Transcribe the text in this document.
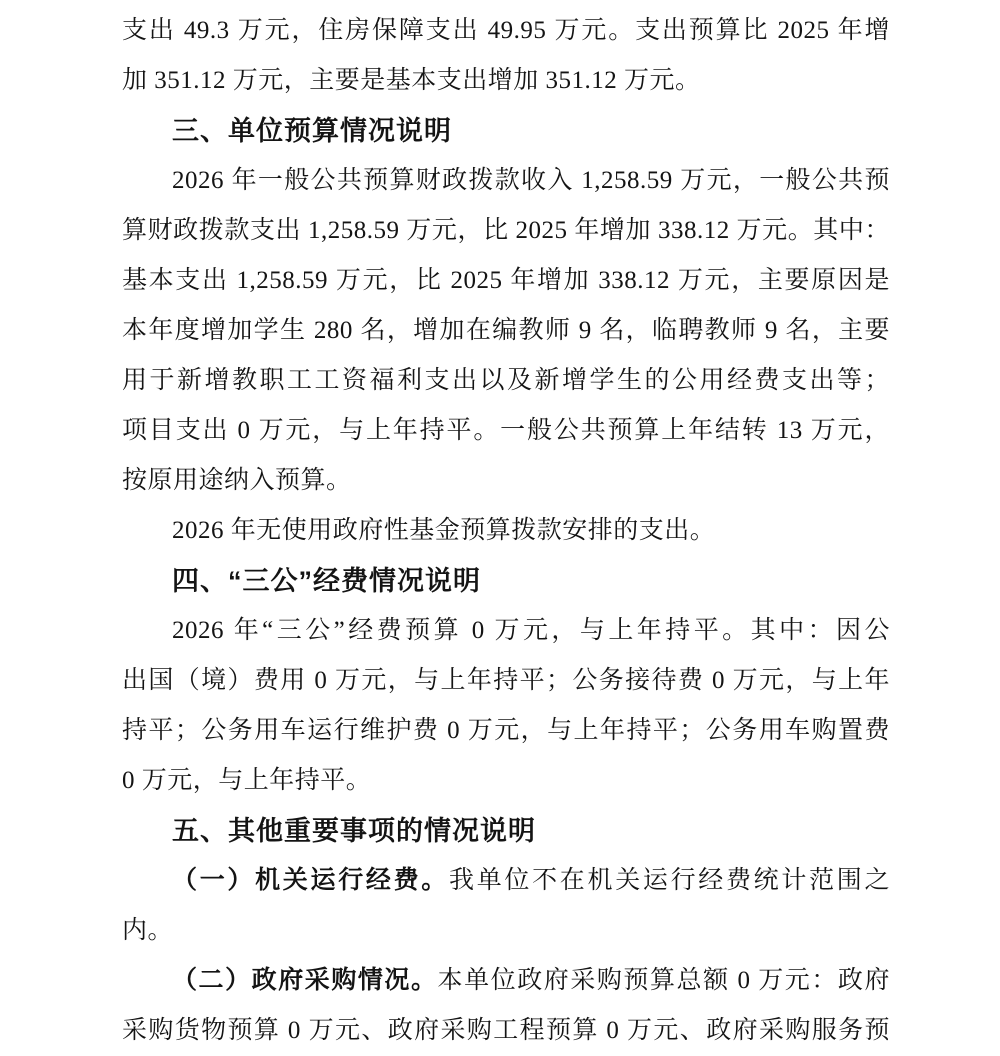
支出 49.3 万元，住房保障支出 49.95 万元。支出预算比 2025 年增
加 351.12 万元，主要是基本支出增加 351.12 万元。
三、单位预算情况说明
2026 年一般公共预算财政拨款收入 1,258.59 万元，一般公共预
算财政拨款支出 1,258.59 万元，比 2025 年增加 338.12 万元。其中：
基本支出 1,258.59 万元，比 2025 年增加 338.12 万元，主要原因是
本年度增加学生 280 名，增加在编教师 9 名，临聘教师 9 名，主要
用于新增教职工工资福利支出以及新增学生的公用经费支出等；
项目支出 0 万元，与上年持平。一般公共预算上年结转 13 万元，
按原用途纳入预算。
2026 年无使用政府性基金预算拨款安排的支出。
四、“三公”经费情况说明
2026 年“三公”经费预算 0 万元，与上年持平。其中：因公
出国（境）费用 0 万元，与上年持平；公务接待费 0 万元，与上年
持平；公务用车运行维护费 0 万元，与上年持平；公务用车购置费
0 万元，与上年持平。
五、其他重要事项的情况说明
（一）机关运行经费。我单位不在机关运行经费统计范围之
内。
（二）政府采购情况。本单位政府采购预算总额 0 万元：政府
采购货物预算 0 万元、政府采购工程预算 0 万元、政府采购服务预
